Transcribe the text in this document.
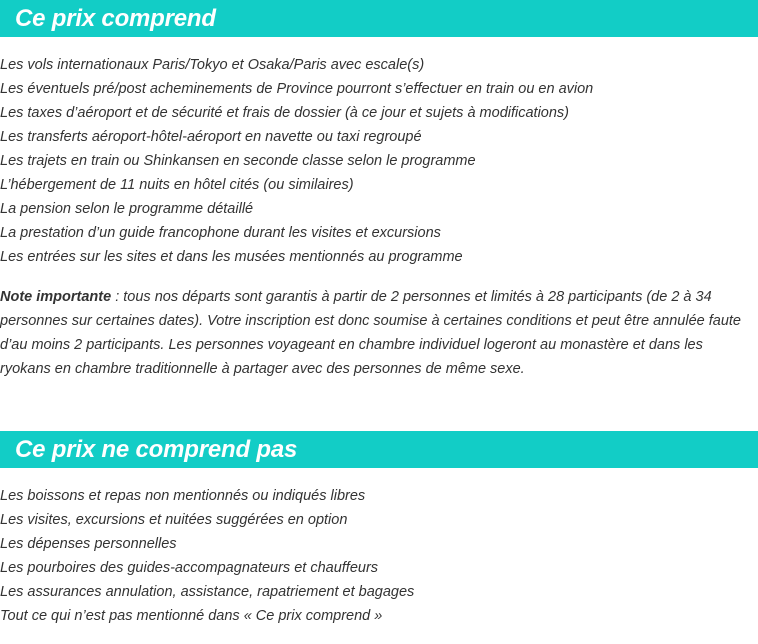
Ce prix comprend
Les vols internationaux Paris/Tokyo et Osaka/Paris avec escale(s)
Les éventuels pré/post acheminements de Province pourront s’effectuer en train ou en avion
Les taxes d’aéroport et de sécurité et frais de dossier (à ce jour et sujets à modifications)
Les transferts aéroport-hôtel-aéroport en navette ou taxi regroupé
Les trajets en train ou Shinkansen en seconde classe selon le programme
L’hébergement de 11 nuits en hôtel cités (ou similaires)
La pension selon le programme détaillé
La prestation d’un guide francophone durant les visites et excursions
Les entrées sur les sites et dans les musées mentionnés au programme

Note importante : tous nos départs sont garantis à partir de 2 personnes et limités à 28 participants (de 2 à 34 personnes sur certaines dates). Votre inscription est donc soumise à certaines conditions et peut être annulée faute d’au moins 2 participants. Les personnes voyageant en chambre individuel logeront au monastère et dans les ryokans en chambre traditionnelle à partager avec des personnes de même sexe.

Ce prix ne comprend pas
Les boissons et repas non mentionnés ou indiqués libres
Les visites, excursions et nuitées suggérées en option
Les dépenses personnelles
Les pourboires des guides-accompagnateurs et chauffeurs
Les assurances annulation, assistance, rapatriement et bagages
Tout ce qui n’est pas mentionné dans « Ce prix comprend »
